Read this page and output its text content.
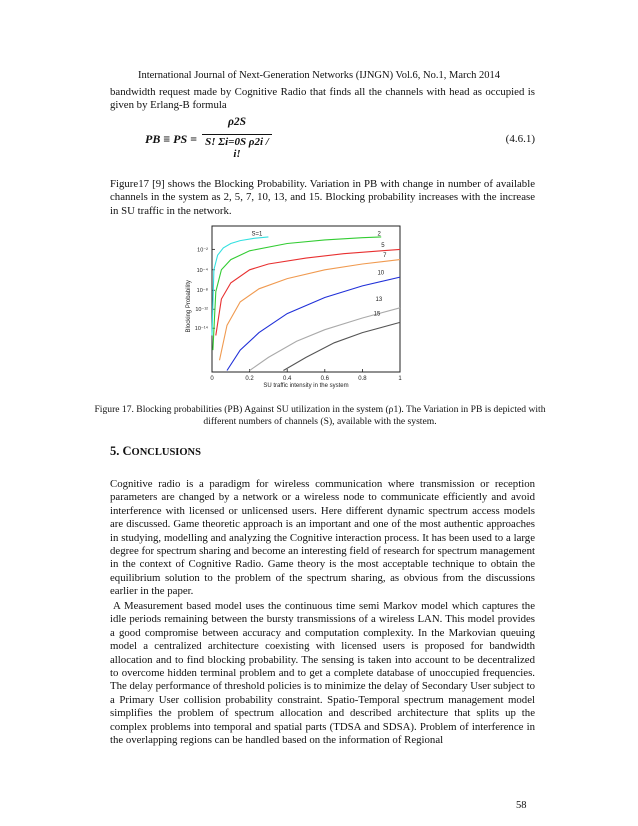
International Journal of Next-Generation Networks (IJNGN) Vol.6, No.1, March 2014

bandwidth request made by Cognitive Radio that finds all the channels with head as occupied is given by Erlang-B formula

PB ≡ PS =
ρ2S
S! Σi=0S ρ2i / i!
(4.6.1)

Figure17 [9] shows the Blocking Probability. Variation in PB with change in number of available channels in the system as 2, 5, 7, 10, 13, and 15. Blocking probability increases with the increase in SU traffic in the network.

0	0.2	0.4	0.6	0.8	1
10⁻²
10⁻⁴
10⁻⁸
10⁻¹²
10⁻¹⁴
SU traffic intensity in the system
Blocking Probability
S=1	2
5
7
10
13
15
Figure 17. Blocking probabilities (PB) Against SU utilization in the system (ρ1). The Variation in PB is depicted with different numbers of channels (S), available with the system.
5. CONCLUSIONS

Cognitive radio is a paradigm for wireless communication where transmission or reception parameters are changed by a network or a wireless node to communicate efficiently and avoid interference with licensed or unlicensed users. Here different dynamic spectrum access models are discussed. Game theoretic approach is an important and one of the most authentic approaches in studying, modelling and analyzing the Cognitive interaction process. It has been used to a large degree for spectrum sharing and become an interesting field of research for spectrum management in the context of Cognitive Radio. Game theory is the most acceptable technique to obtain the equilibrium solution to the problem of the spectrum sharing, as obvious from the discussions earlier in the paper.

A Measurement based model uses the continuous time semi Markov model which captures the idle periods remaining between the bursty transmissions of a wireless LAN. This model provides a good compromise between accuracy and computation complexity. In the Markovian queuing model a centralized architecture coexisting with licensed users is proposed for bandwidth allocation and to find blocking probability. The sensing is taken into account to be decentralized to overcome hidden terminal problem and to get a complete database of unoccupied frequencies. The delay performance of threshold policies is to minimize the delay of Secondary User subject to a Primary User collision probability constraint. Spatio-Temporal spectrum management model simplifies the problem of spectrum allocation and described architecture that splits up the complex problems into temporal and spatial parts (TDSA and SDSA). Problem of interference in the overlapping regions can be handled based on the information of Regional

58
